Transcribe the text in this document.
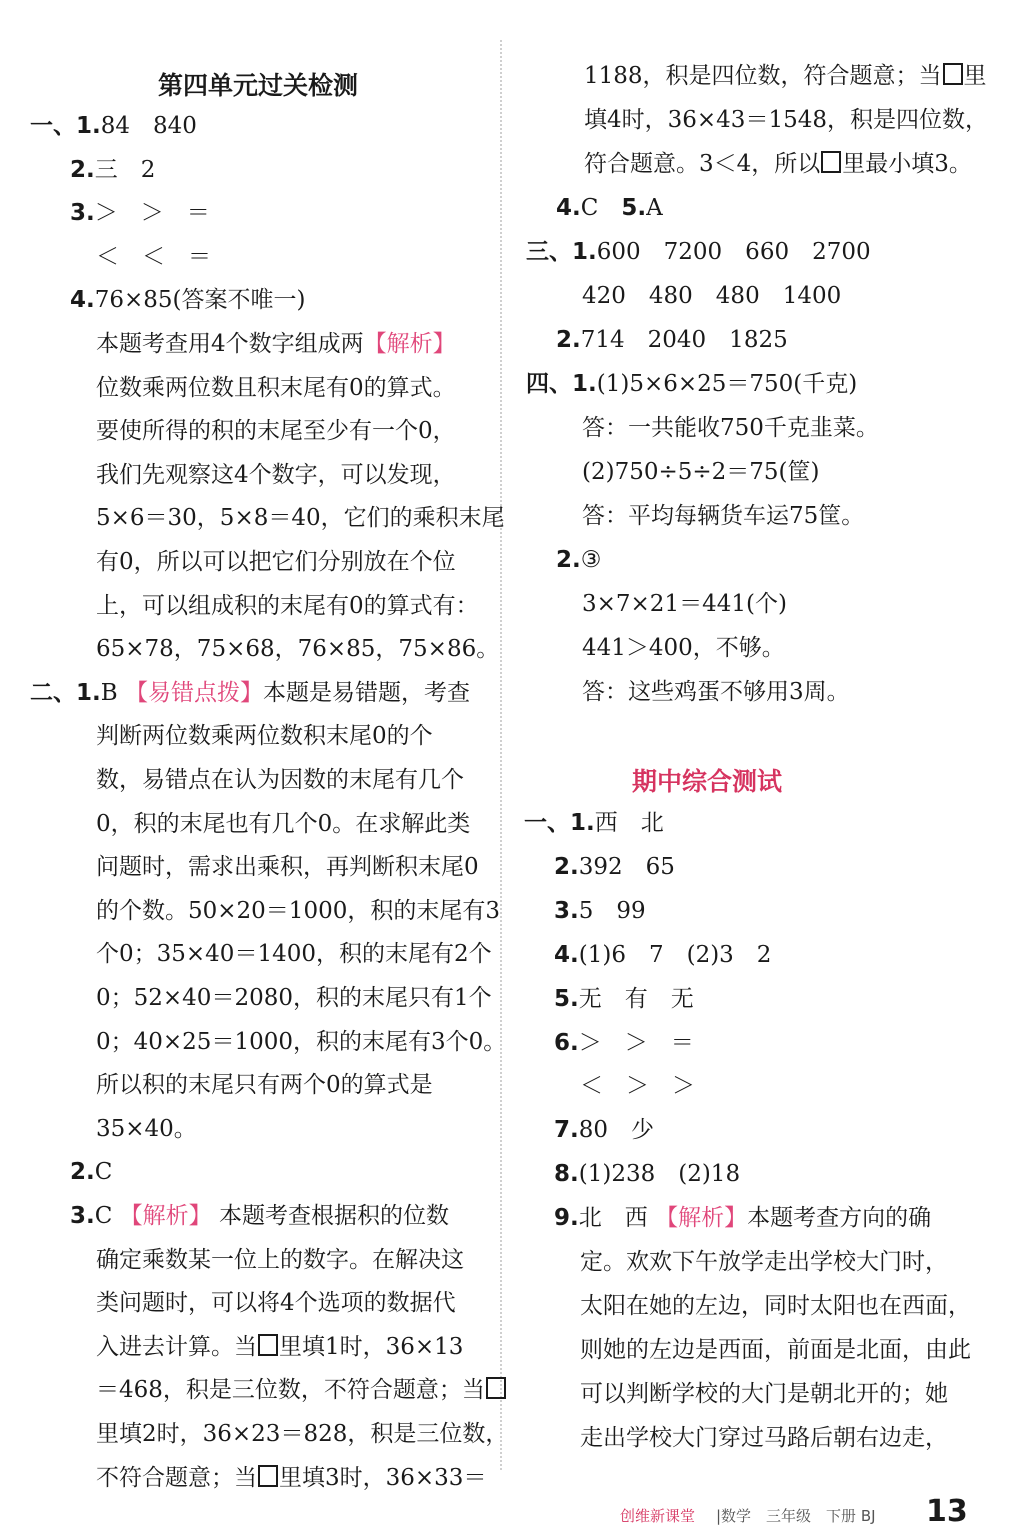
第四单元过关检测
一、1.84　840
2.三　2
3.＞　＞　＝
＜　＜　＝
4.76×85(答案不唯一)
本题考查用4个数字组成两【解析】
位数乘两位数且积末尾有0的算式。
要使所得的积的末尾至少有一个0，
我们先观察这4个数字，可以发现，
5×6＝30，5×8＝40，它们的乘积末尾
有0，所以可以把它们分别放在个位
上，可以组成积的末尾有0的算式有：
65×78，75×68，76×85，75×86。
二、1.B 【易错点拨】本题是易错题，考查
判断两位数乘两位数积末尾0的个
数，易错点在认为因数的末尾有几个
0，积的末尾也有几个0。在求解此类
问题时，需求出乘积，再判断积末尾0
的个数。50×20＝1000，积的末尾有3
个0；35×40＝1400，积的末尾有2个
0；52×40＝2080，积的末尾只有1个
0；40×25＝1000，积的末尾有3个0。
所以积的末尾只有两个0的算式是
35×40。
2.C
3.C 【解析】 本题考查根据积的位数
确定乘数某一位上的数字。在解决这
类问题时，可以将4个选项的数据代
入进去计算。当 里填1时，36×13
＝468，积是三位数，不符合题意；当
里填2时，36×23＝828，积是三位数，
不符合题意；当 里填3时，36×33＝
期中综合测试
1188，积是四位数，符合题意；当 里
填4时，36×43＝1548，积是四位数，
符合题意。3＜4，所以 里最小填3。
4.C　5.A
三、1.600　7200　660　2700
420　480　480　1400
2.714　2040　1825
四、1.(1)5×6×25＝750(千克)
答：一共能收750千克韭菜。
(2)750÷5÷2＝75(筐)
答：平均每辆货车运75筐。
2.③
3×7×21＝441(个)
441＞400，不够。
答：这些鸡蛋不够用3周。
一、1.西　北
2.392　65
3.5　99
4.(1)6　7　(2)3　2
5.无　有　无
6.＞　＞　＝
＜　＞　＞
7.80　少
8.(1)238　(2)18
9.北　西 【解析】本题考查方向的确
定。欢欢下午放学走出学校大门时，
太阳在她的左边，同时太阳也在西面，
则她的左边是西面，前面是北面，由此
可以判断学校的大门是朝北开的；她
走出学校大门穿过马路后朝右边走，
创维新课堂 |数学　三年级　下册 BJ 13
